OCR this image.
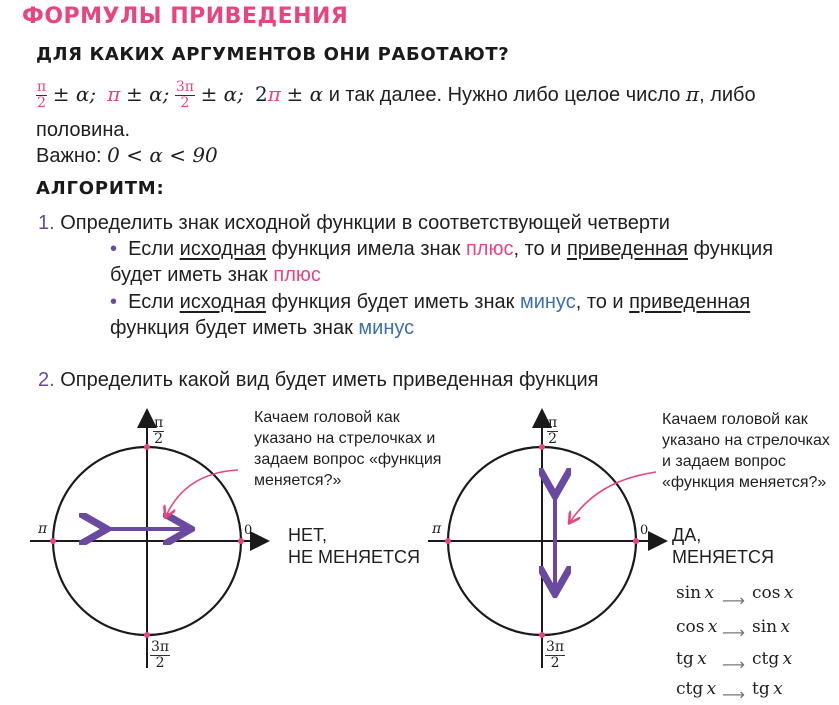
ФОРМУЛЫ ПРИВЕДЕНИЯ
ДЛЯ КАКИХ АРГУМЕНТОВ ОНИ РАБОТАЮТ?
$\frac{\pi}{2} \pm \alpha$; π ± α; $\frac{3\pi}{2} \pm \alpha$; 2π ± α и так далее. Нужно либо целое число π, либо
половина.
Важно: 0 < α < 90
АЛГОРИТМ:
1. Определить знак исходной функции в соответствующей четверти
• Если исходная функция имела знак плюс, то и приведенная функция
будет иметь знак плюс
• Если исходная функция будет иметь знак минус, то и приведенная
функция будет иметь знак минус
2. Определить какой вид будет иметь приведенная функция
$\frac{\pi}{2}$
$\frac{3\pi}{2}$
π	0
Качаем головой как
указано на стрелочках и
задаем вопрос «функция
меняется?»
НЕТ,
НЕ МЕНЯЕТСЯ
$\frac{\pi}{2}$
$\frac{3\pi}{2}$
π	0
Качаем головой как
указано на стрелочках
и задаем вопрос
«функция меняется?»
ДА,
МЕНЯЕТСЯ
sin  x ⟶ cos  x
cos  x ⟶ sin  x
tg  x ⟶ ctg  x
ctg  x ⟶ tg  x
